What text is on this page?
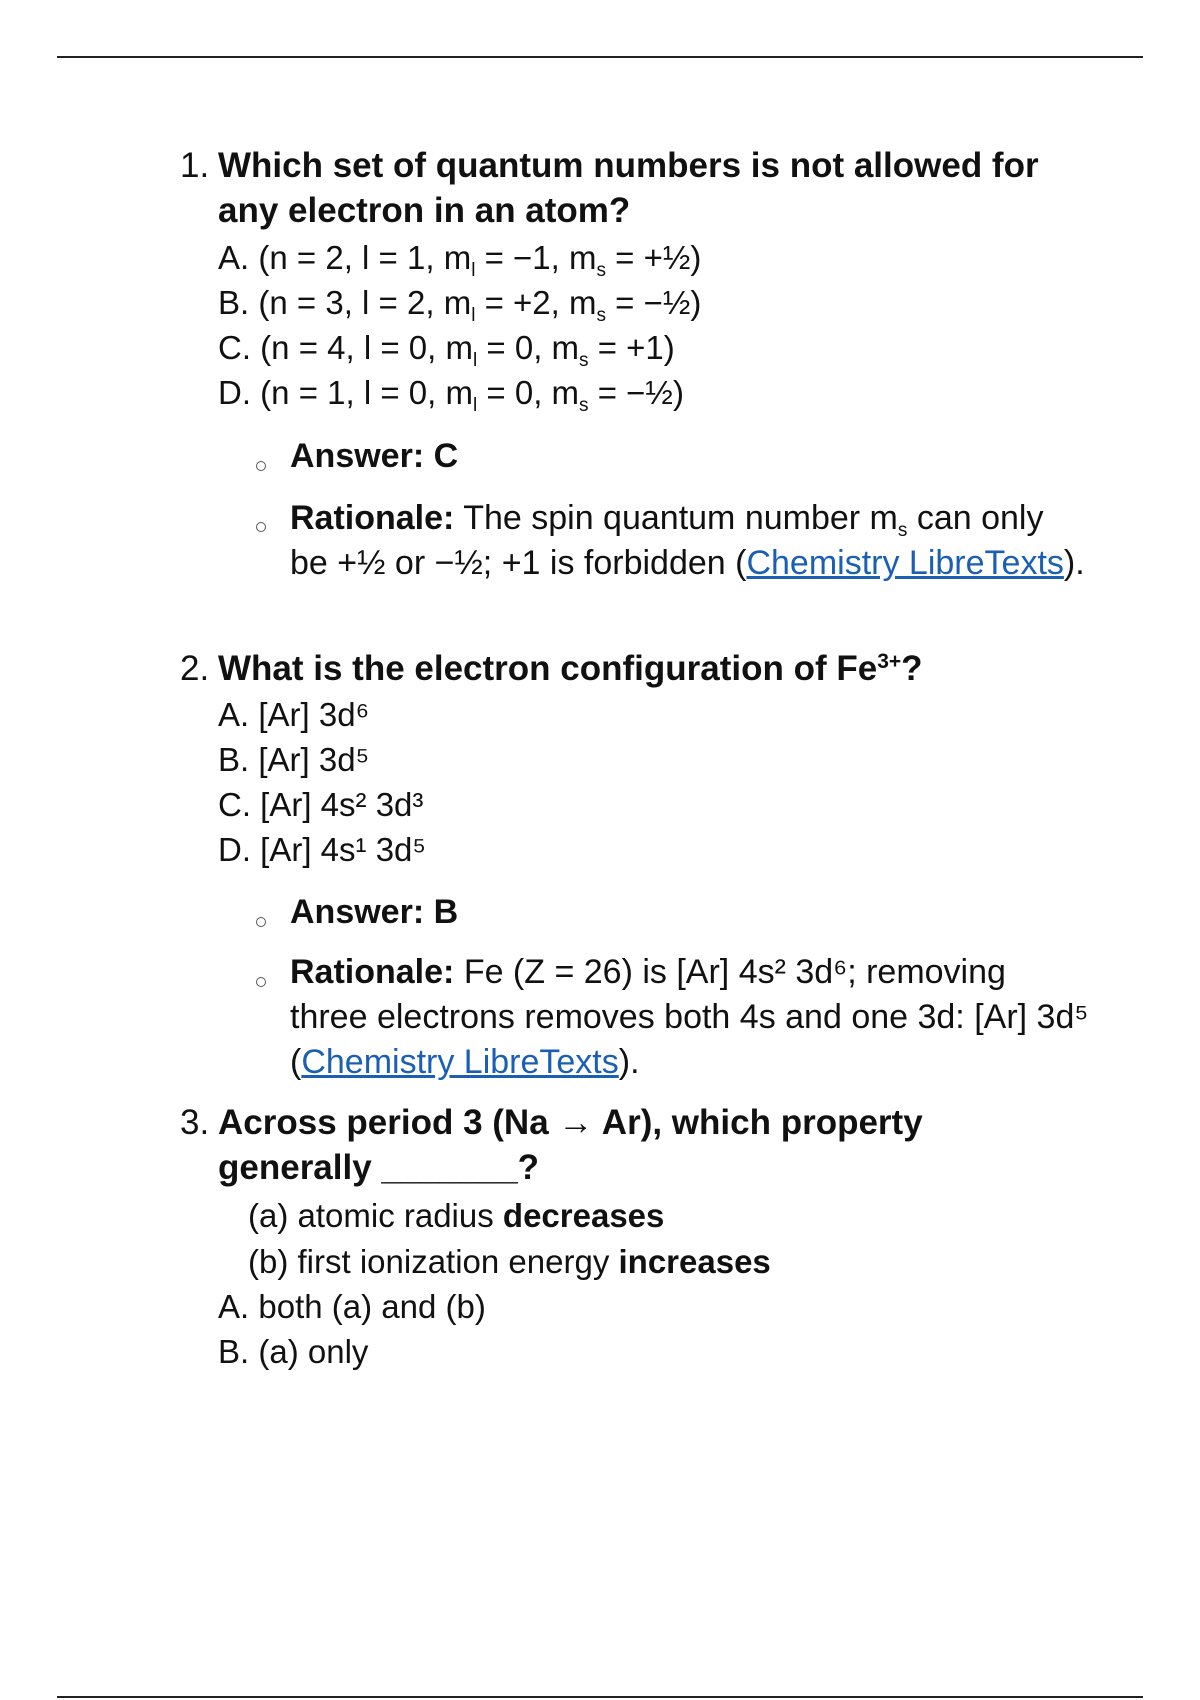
1. Which set of quantum numbers is not allowed for any electron in an atom?
A. (n = 2, l = 1, $m_l = -1$, $m_s$ = +½)
B. (n = 3, l = 2, $m_l = +2$, $m_s$ = −½)
C. (n = 4, l = 0, $m_l = 0$, $m_s = +1$)
D. (n = 1, l = 0, $m_l = 0$, $m_s$ = −½)
Answer: C
Rationale: The spin quantum number $m_s$ can only be +½ or −½; +1 is forbidden (Chemistry LibreTexts).
2. What is the electron configuration of $Fe^{3+}$?
A. [Ar] 3d⁶
B. [Ar] 3d⁵
C. [Ar] 4s² 3d³
D. [Ar] 4s¹ 3d⁵
Answer: B
Rationale: Fe (Z = 26) is [Ar] 4s² 3d⁶; removing three electrons removes both 4s and one 3d: [Ar] 3d⁵ (Chemistry LibreTexts).
3. Across period 3 (Na → Ar), which property generally _______?
(a) atomic radius decreases
(b) first ionization energy increases
A. both (a) and (b)
B. (a) only
